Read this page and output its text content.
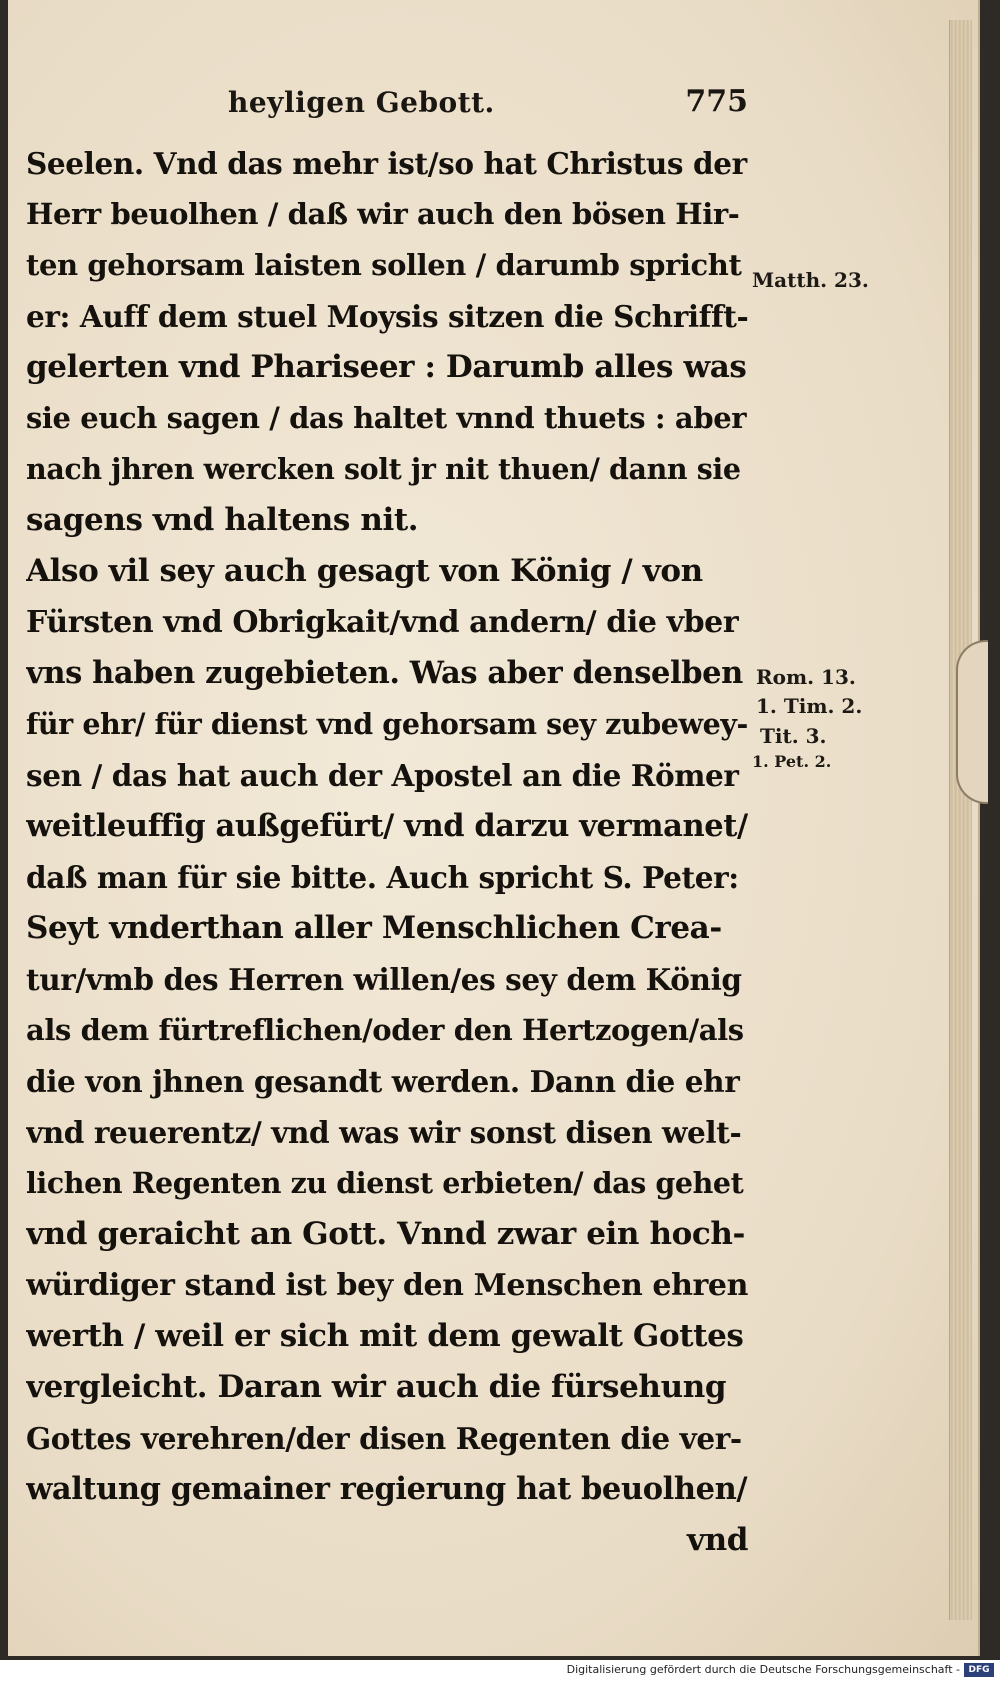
heyligen Gebott.	775
Seelen. Vnd das mehr ist/so hat Christus der
Herr beuolhen / daß wir auch den bösen Hir-
ten gehorsam laisten sollen / darumb spricht
er: Auff dem stuel Moysis sitzen die Schrifft-
gelerten vnd Phariseer : Darumb alles was
sie euch sagen / das haltet vnnd thuets : aber
nach jhren wercken solt jr nit thuen/ dann sie
sagens vnd haltens nit.
Also vil sey auch gesagt von König / von
Fürsten vnd Obrigkait/vnd andern/ die vber
vns haben zugebieten. Was aber denselben
für ehr/ für dienst vnd gehorsam sey zubewey-
sen / das hat auch der Apostel an die Römer
weitleuffig außgefürt/ vnd darzu vermanet/
daß man für sie bitte. Auch spricht S. Peter:
Seyt vnderthan aller Menschlichen Crea-
tur/vmb des Herren willen/es sey dem König
als dem fürtreflichen/oder den Hertzogen/als
die von jhnen gesandt werden. Dann die ehr
vnd reuerentz/ vnd was wir sonst disen welt-
lichen Regenten zu dienst erbieten/ das gehet
vnd geraicht an Gott. Vnnd zwar ein hoch-
würdiger stand ist bey den Menschen ehren
werth / weil er sich mit dem gewalt Gottes
vergleicht. Daran wir auch die fürsehung
Gottes verehren/der disen Regenten die ver-
waltung gemainer regierung hat beuolhen/
vnd
Matth. 23.
Rom. 13.
1. Tim. 2.
Tit. 3.
1. Pet. 2.
Digitalisierung gefördert durch die Deutsche Forschungsgemeinschaft - DFG
